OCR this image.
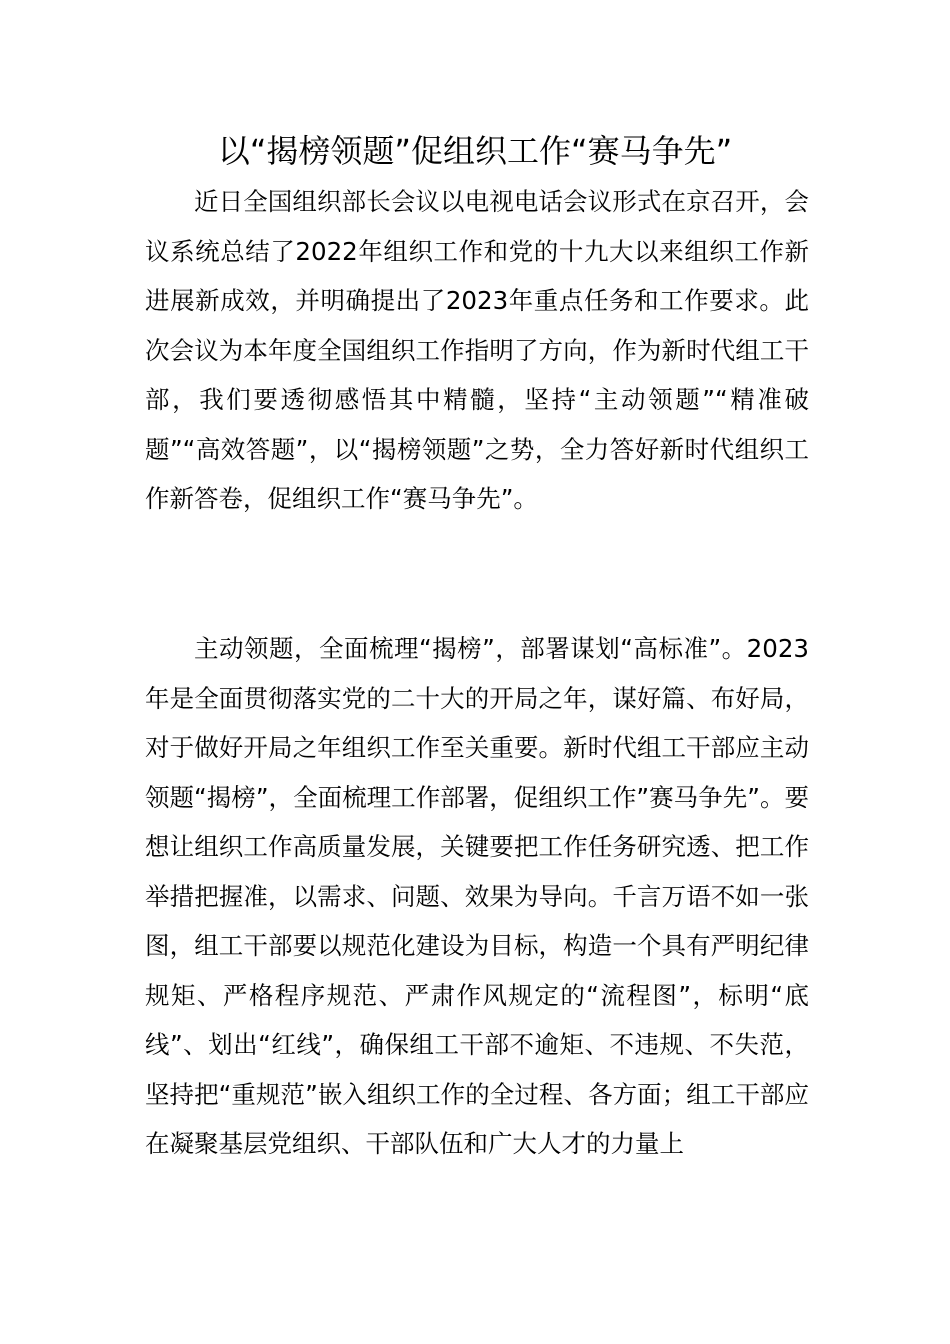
以“揭榜领题”促组织工作“赛马争先”

近日全国组织部长会议以电视电话会议形式在京召开，会议系统总结了2022年组织工作和党的十九大以来组织工作新进展新成效，并明确提出了2023年重点任务和工作要求。此次会议为本年度全国组织工作指明了方向，作为新时代组工干部，我们要透彻感悟其中精髓，坚持“主动领题”“精准破题”“高效答题”，以“揭榜领题”之势，全力答好新时代组织工作新答卷，促组织工作“赛马争先”。

主动领题，全面梳理“揭榜”，部署谋划“高标准”。2023年是全面贯彻落实党的二十大的开局之年，谋好篇、布好局，对于做好开局之年组织工作至关重要。新时代组工干部应主动领题“揭榜”，全面梳理工作部署，促组织工作”赛马争先”。要想让组织工作高质量发展，关键要把工作任务研究透、把工作举措把握准，以需求、问题、效果为导向。千言万语不如一张图，组工干部要以规范化建设为目标，构造一个具有严明纪律规矩、严格程序规范、严肃作风规定的“流程图”，标明“底线”、划出“红线”，确保组工干部不逾矩、不违规、不失范，坚持把“重规范”嵌入组织工作的全过程、各方面；组工干部应在凝聚基层党组织、干部队伍和广大人才的力量上
